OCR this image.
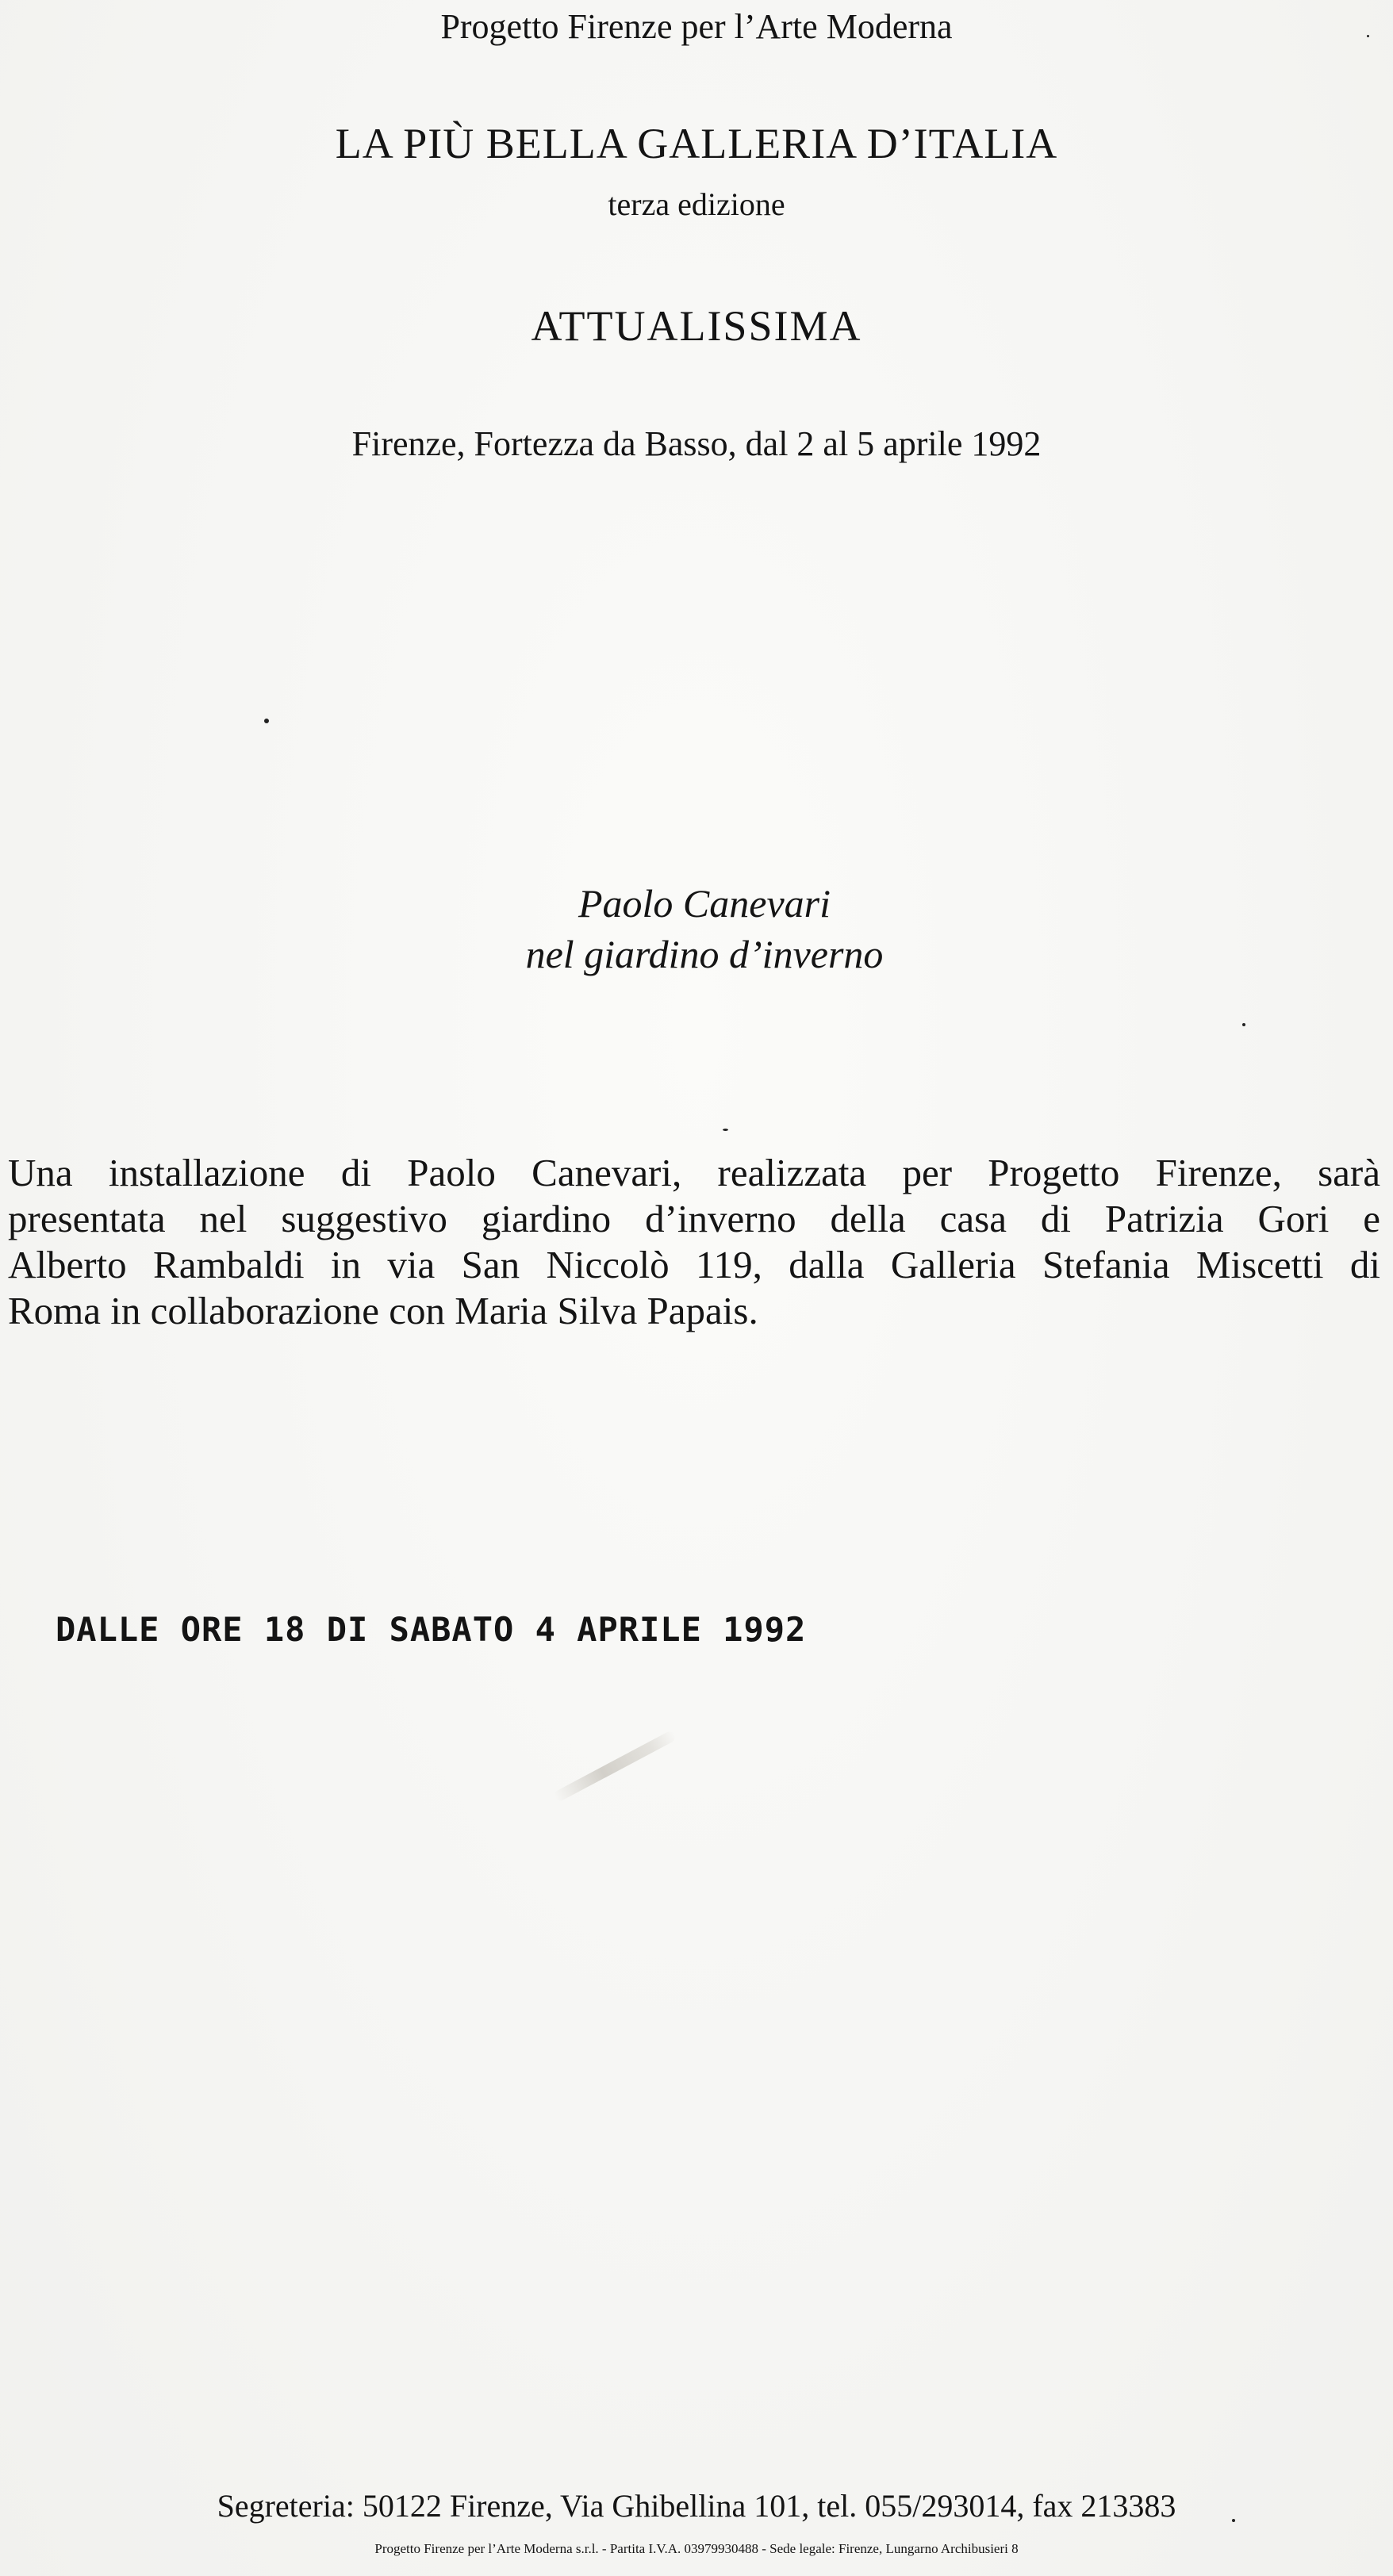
Progetto Firenze per l’Arte Moderna
LA PIÙ BELLA GALLERIA D’ITALIA
terza edizione
ATTUALISSIMA
Firenze, Fortezza da Basso, dal 2 al 5 aprile 1992
Paolo Canevari
nel giardino d’inverno
Una installazione di Paolo Canevari, realizzata per Progetto Firenze, sarà
presentata nel suggestivo giardino d’inverno della casa di Patrizia Gori e
Alberto Rambaldi in via San Niccolò 119, dalla Galleria Stefania Miscetti di
Roma in collaborazione con Maria Silva Papais.
DALLE ORE 18 DI SABATO 4 APRILE 1992
Segreteria: 50122 Firenze, Via Ghibellina 101, tel. 055/293014, fax 213383
Progetto Firenze per l’Arte Moderna s.r.l. - Partita I.V.A. 03979930488 - Sede legale: Firenze, Lungarno Archibusieri 8
